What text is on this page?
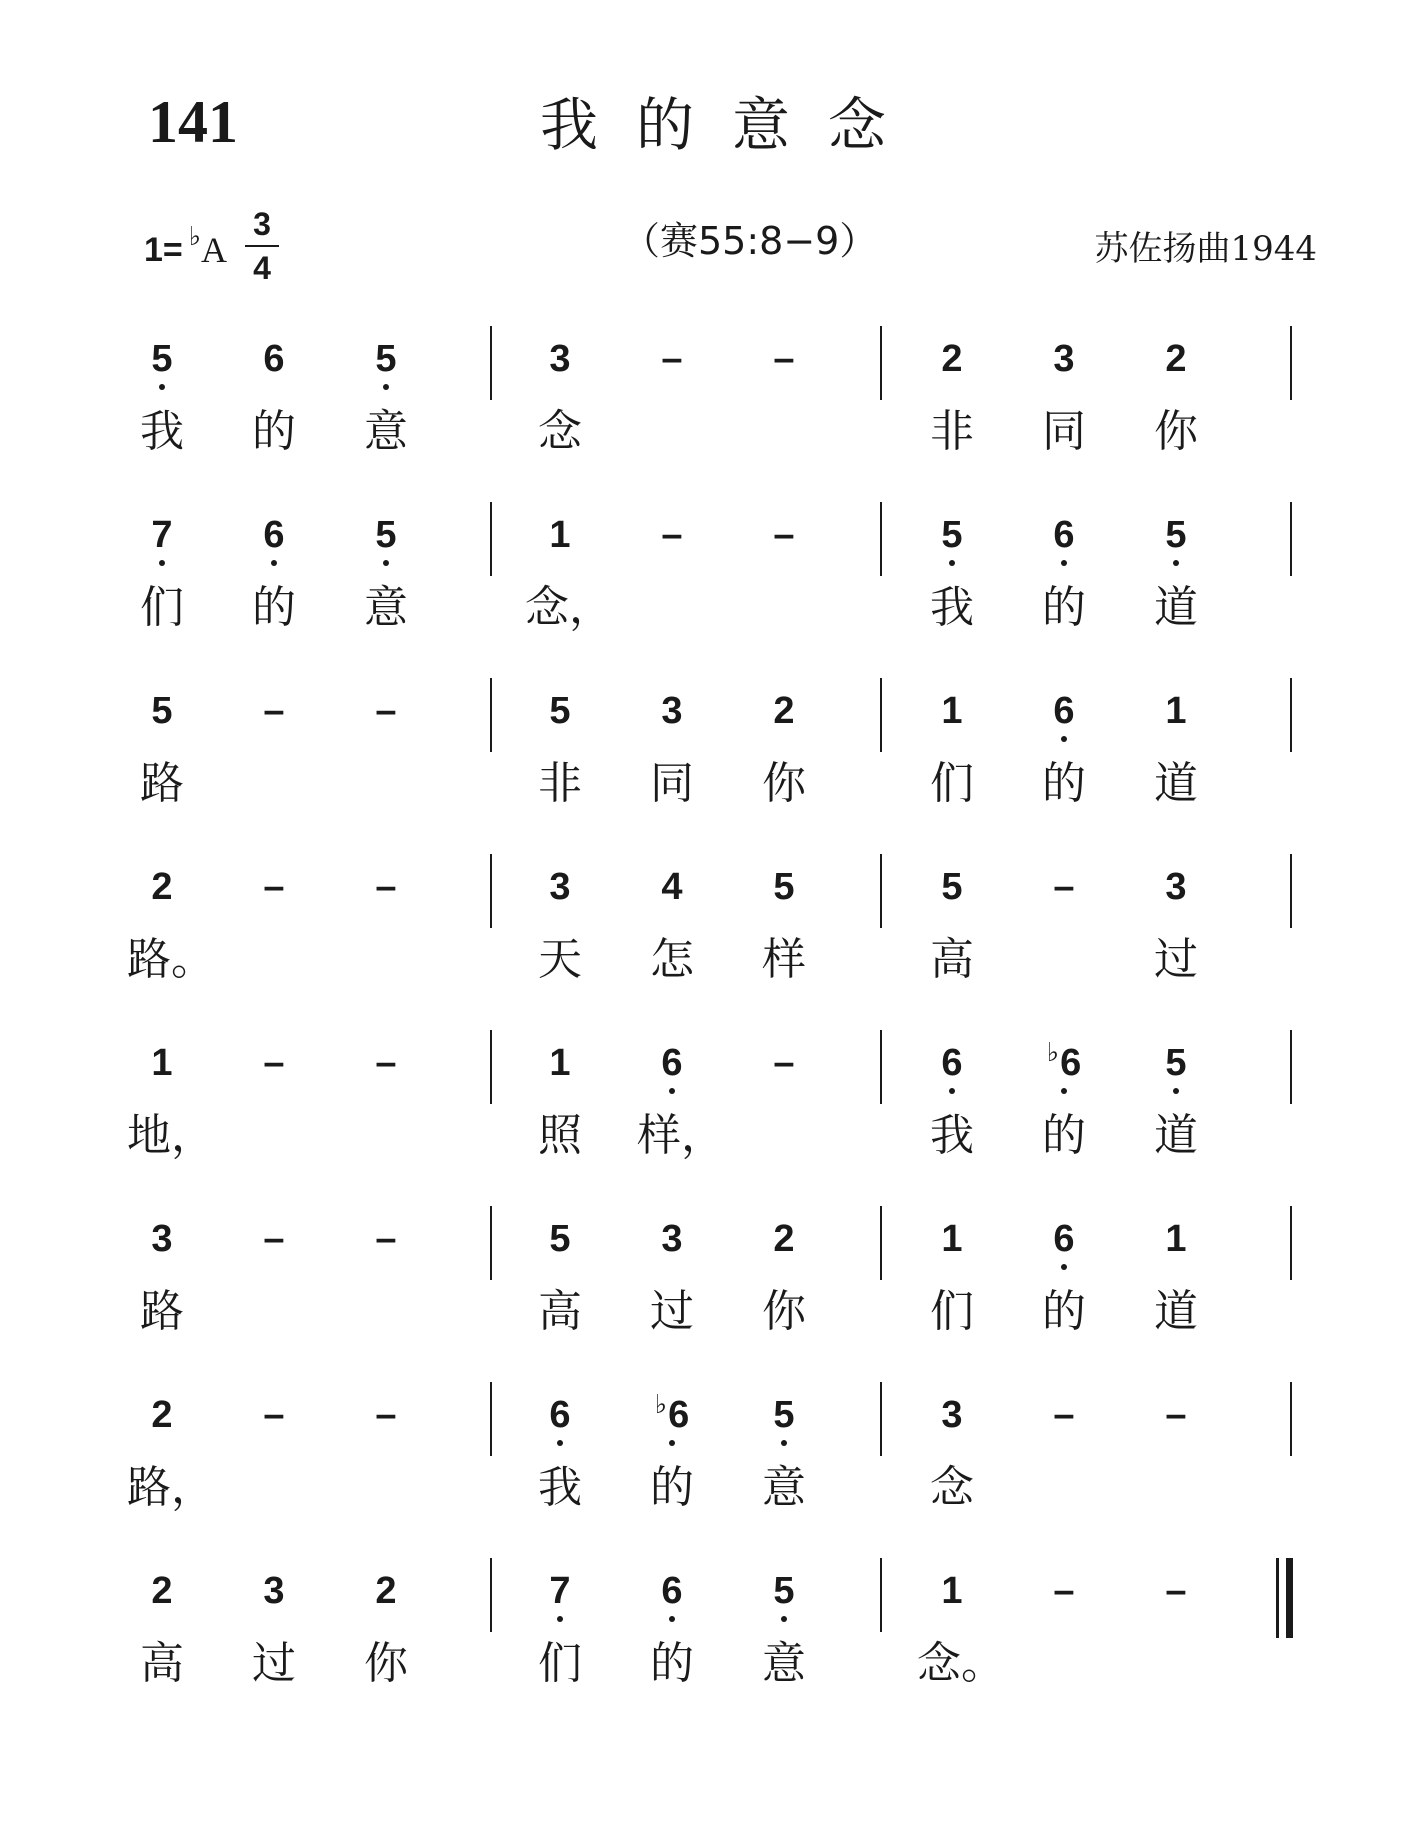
141	我的意念
1= ♭ A
3
4
（赛55:8−9）	苏佐扬曲1944
5	6	5	3	–	–	2	3	2
我 的 意	念	非 同 你
7	6	5	1	–	–	5	6	5
们 的 意	念，	我 的 道
5	–	–	5	3	2	1	6	1
路	非 同 你	们 的 道
2	–	–	3	4	5	5	–	3
路。	天 怎 样	高	过
1	–	–	1	6	–	6	♭6	5
地，	照 样，	我 的 道
3	–	–	5	3	2	1	6	1
路	高 过 你	们 的 道
2	–	–	6	♭6	5	3	–	–
路，	我 的 意	念
2	3	2	7	6	5	1	–	–
高 过 你	们 的 意	念。
